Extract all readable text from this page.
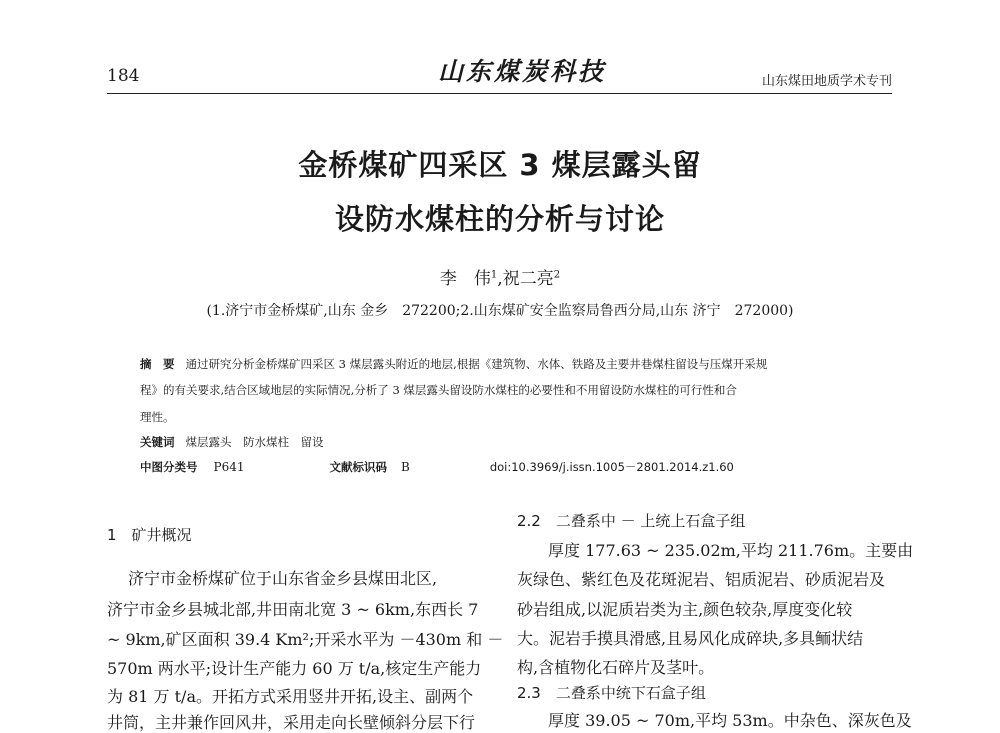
184	山东煤炭科技	山东煤田地质学术专刊
金桥煤矿四采区 3 煤层露头留
设防水煤柱的分析与讨论
李　伟$^1$,祝二亮$^2$
(1.济宁市金桥煤矿,山东 金乡　272200;2.山东煤矿安全监察局鲁西分局,山东 济宁　272000)
摘　要 通过研究分析金桥煤矿四采区 3 煤层露头附近的地层,根据《建筑物、水体、铁路及主要井巷煤柱留设与压煤开采规
程》的有关要求,结合区域地层的实际情况,分析了 3 煤层露头留设防水煤柱的必要性和不用留设防水煤柱的可行性和合
理性。
关键词 煤层露头　防水煤柱　留设
中图分类号 P641	文献标识码 B	doi:10.3969/j.issn.1005－2801.2014.z1.60
1　矿井概况
济宁市金桥煤矿位于山东省金乡县煤田北区,
济宁市金乡县城北部,井田南北宽 3 ~ 6km,东西长 7
~ 9km,矿区面积 39.4 Km²;开采水平为 －430m 和 －
570m 两水平;设计生产能力 60 万 t/a,核定生产能力
为 81 万 t/a。开拓方式采用竖井开拓,设主、副两个
井筒，主井兼作回风井，采用走向长壁倾斜分层下行
2.2　二叠系中 － 上统上石盒子组
厚度 177.63 ~ 235.02m,平均 211.76m。主要由
灰绿色、紫红色及花斑泥岩、铝质泥岩、砂质泥岩及
砂岩组成,以泥质岩类为主,颜色较杂,厚度变化较
大。泥岩手摸具滑感,且易风化成碎块,多具鲕状结
构,含植物化石碎片及茎叶。
2.3　二叠系中统下石盒子组
厚度 39.05 ~ 70m,平均 53m。中杂色、深灰色及
